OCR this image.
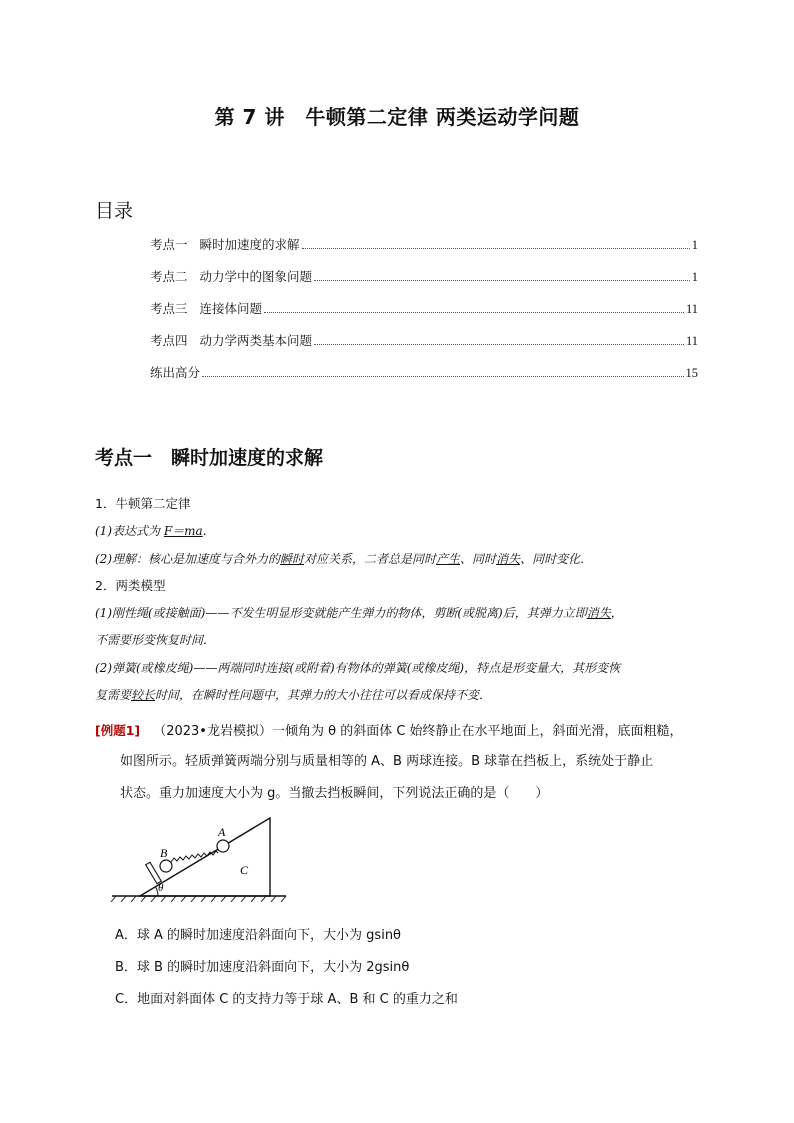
第 7 讲　牛顿第二定律 两类运动学问题
目录
考点一 瞬时加速度的求解	1
考点二 动力学中的图象问题	1
考点三 连接体问题	11
考点四 动力学两类基本问题	11
练出高分	15
考点一　瞬时加速度的求解
1．牛顿第二定律
(1)表达式为 F＝ma.
(2)理解：核心是加速度与合外力的瞬时对应关系，二者总是同时产生、同时消失、同时变化．
2．两类模型
(1)刚性绳(或接触面)——不发生明显形变就能产生弹力的物体，剪断(或脱离)后，其弹力立即消失，
不需要形变恢复时间．
(2)弹簧(或橡皮绳)——两端同时连接(或附着)有物体的弹簧(或橡皮绳)，特点是形变量大，其形变恢
复需要较长时间，在瞬时性问题中，其弹力的大小往往可以看成保持不变．
[例题1] （2023•龙岩模拟）一倾角为 θ 的斜面体 C 始终静止在水平地面上，斜面光滑，底面粗糙，
如图所示。轻质弹簧两端分别与质量相等的 A、B 两球连接。B 球靠在挡板上，系统处于静止
状态。重力加速度大小为 g。当撤去挡板瞬间，下列说法正确的是（　　）
A
B
C
θ
A．球 A 的瞬时加速度沿斜面向下，大小为 gsinθ
B．球 B 的瞬时加速度沿斜面向下，大小为 2gsinθ
C．地面对斜面体 C 的支持力等于球 A、B 和 C 的重力之和
